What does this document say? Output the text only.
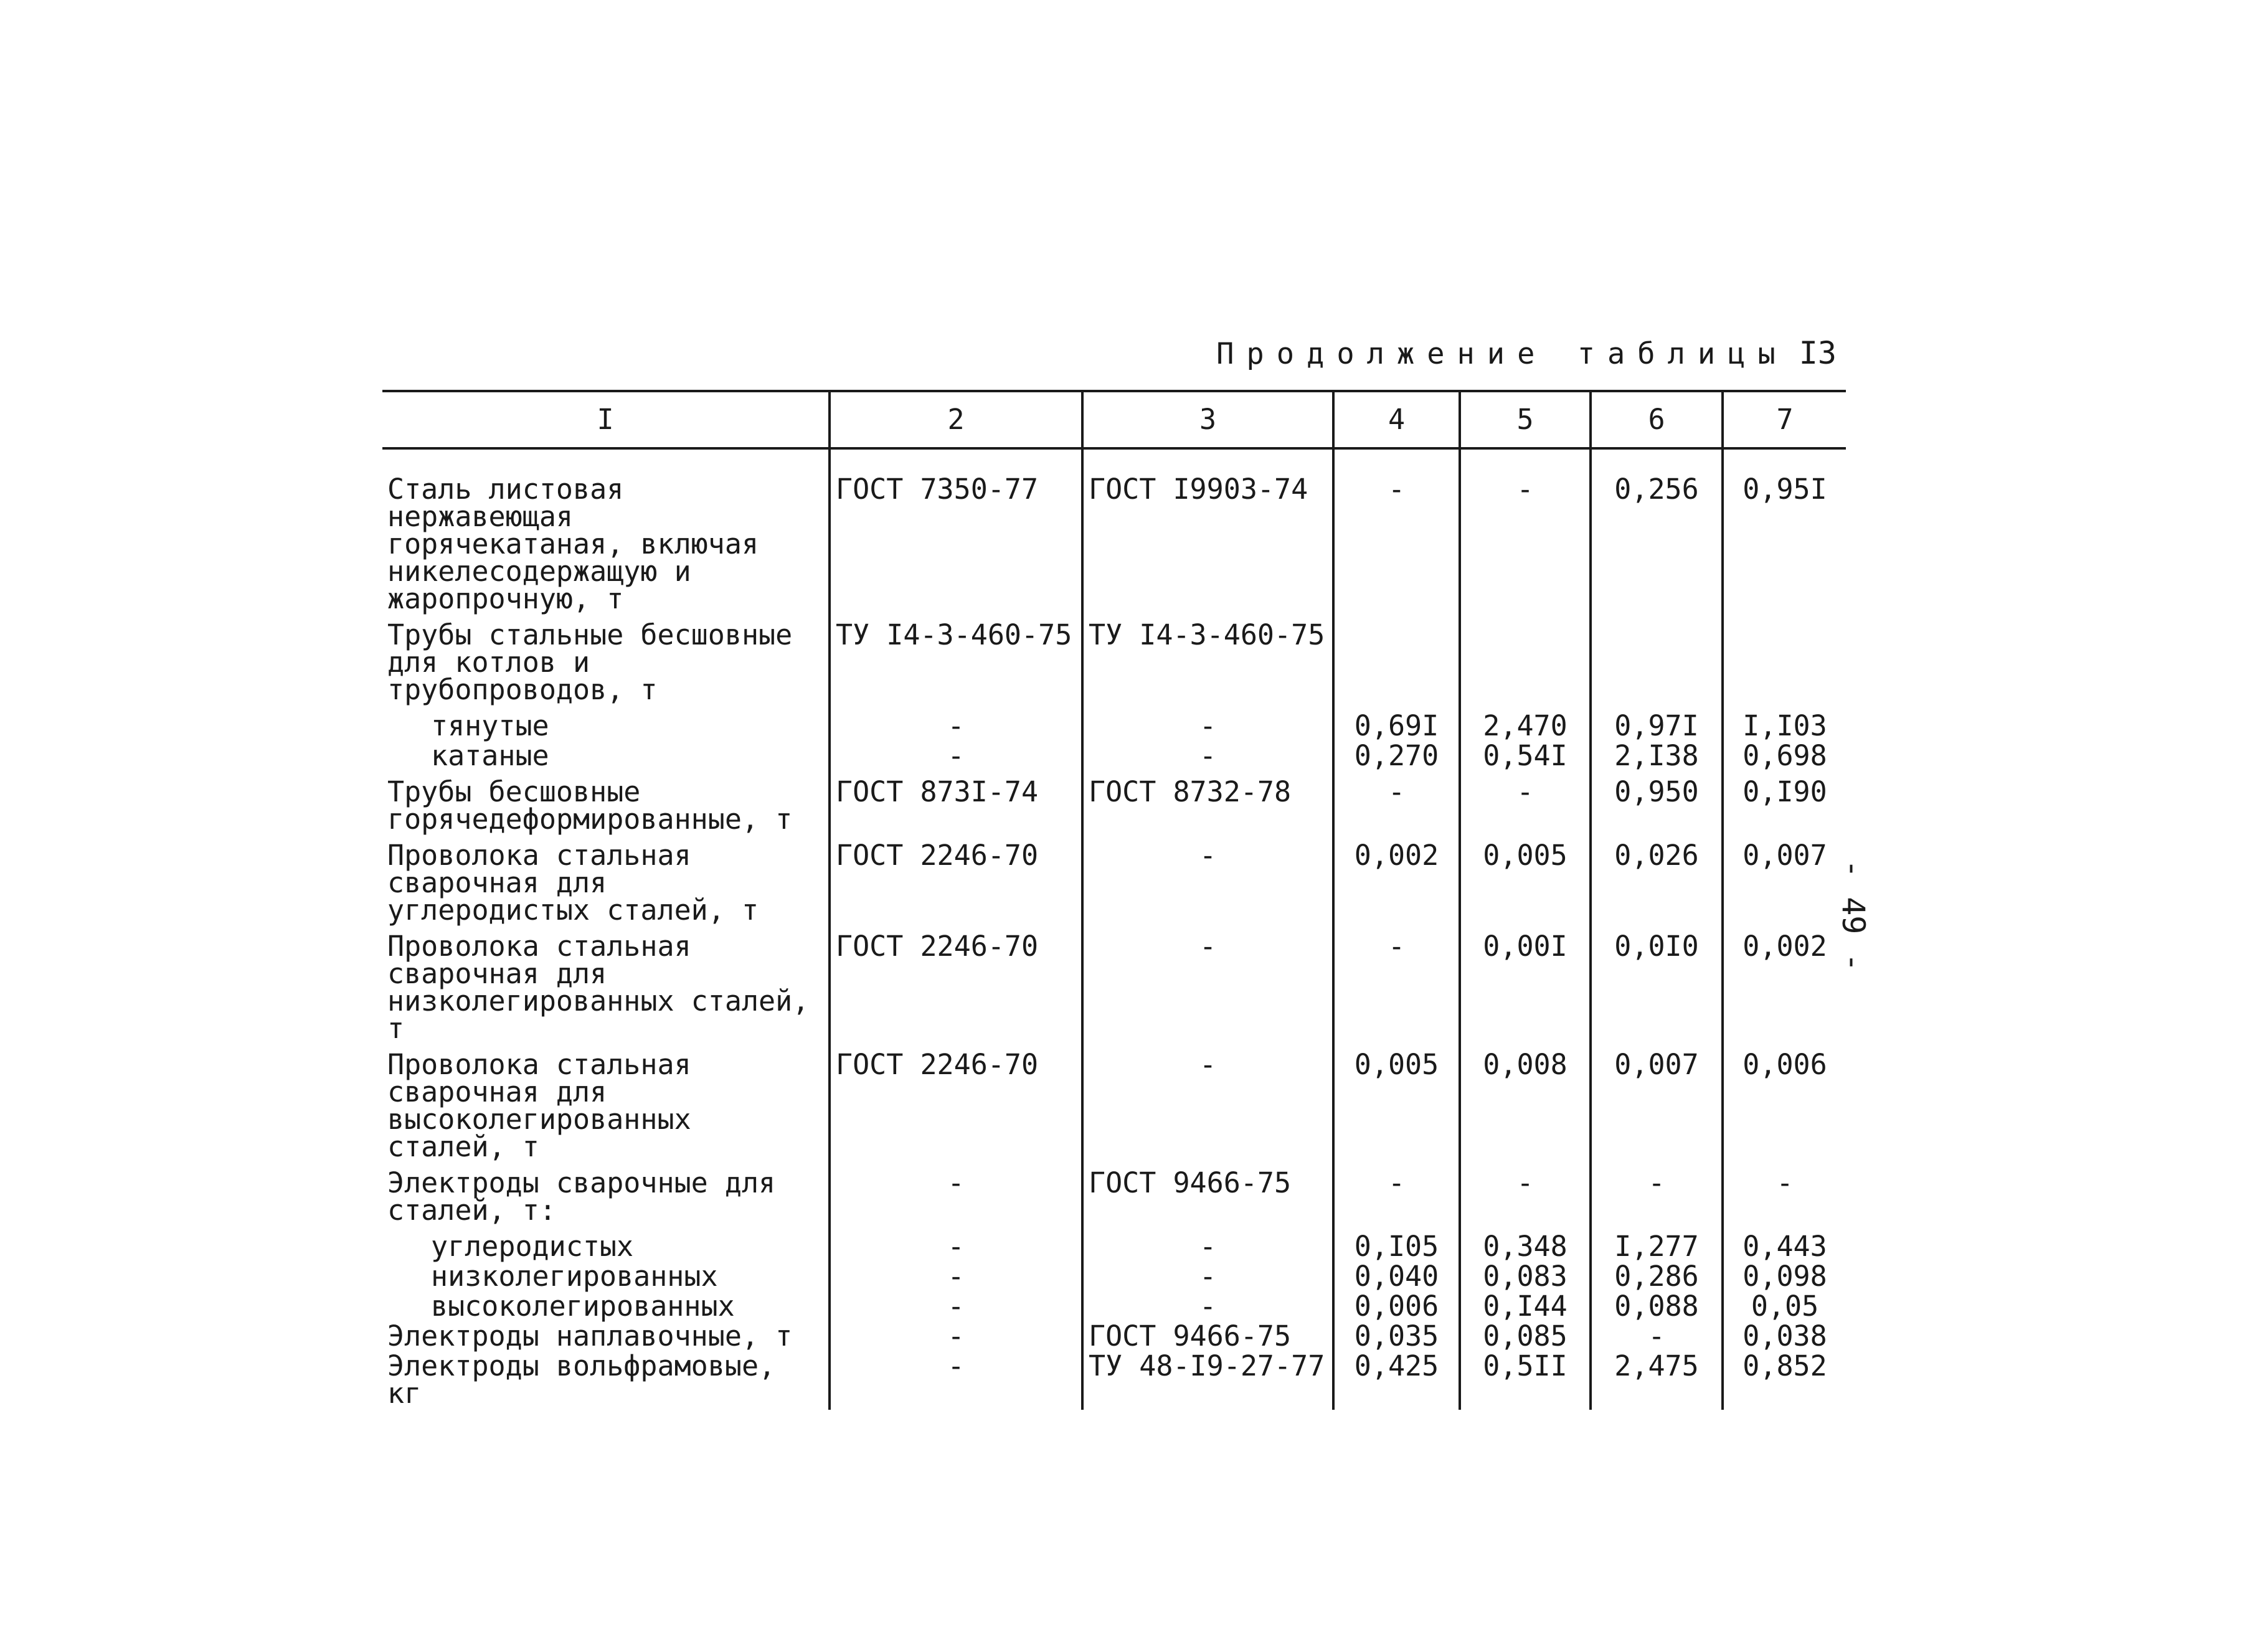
Продолжение таблицы I3
- 49 -
I	2	3	4	5	6	7
Сталь листовая нержавеющая горячекатаная, включая никелесодержащую и жаропрочную, т	ГОСТ 7350-77	ГОСТ I9903-74	-	-	0,256	0,95I
Трубы стальные бесшовные для котлов и трубопроводов, т	ТУ I4-3-460-75	ТУ I4-3-460-75				
тянутые	-	-	0,69I	2,470	0,97I	I,I03
катаные	-	-	0,270	0,54I	2,I38	0,698
Трубы бесшовные горячедеформированные, т	ГОСТ 873I-74	ГОСТ 8732-78	-	-	0,950	0,I90
Проволока стальная сварочная для углеродистых сталей, т	ГОСТ 2246-70	-	0,002	0,005	0,026	0,007
Проволока стальная сварочная для низколегированных сталей, т	ГОСТ 2246-70	-	-	0,00I	0,0I0	0,002
Проволока стальная сварочная для высоколегированных сталей, т	ГОСТ 2246-70	-	0,005	0,008	0,007	0,006
Электроды сварочные для сталей, т:	-	ГОСТ 9466-75	-	-	-	-
углеродистых	-	-	0,I05	0,348	I,277	0,443
низколегированных	-	-	0,040	0,083	0,286	0,098
высоколегированных	-	-	0,006	0,I44	0,088	0,05
Электроды наплавочные, т	-	ГОСТ 9466-75	0,035	0,085	-	0,038
Электроды вольфрамовые, кг	-	ТУ 48-I9-27-77	0,425	0,5II	2,475	0,852
